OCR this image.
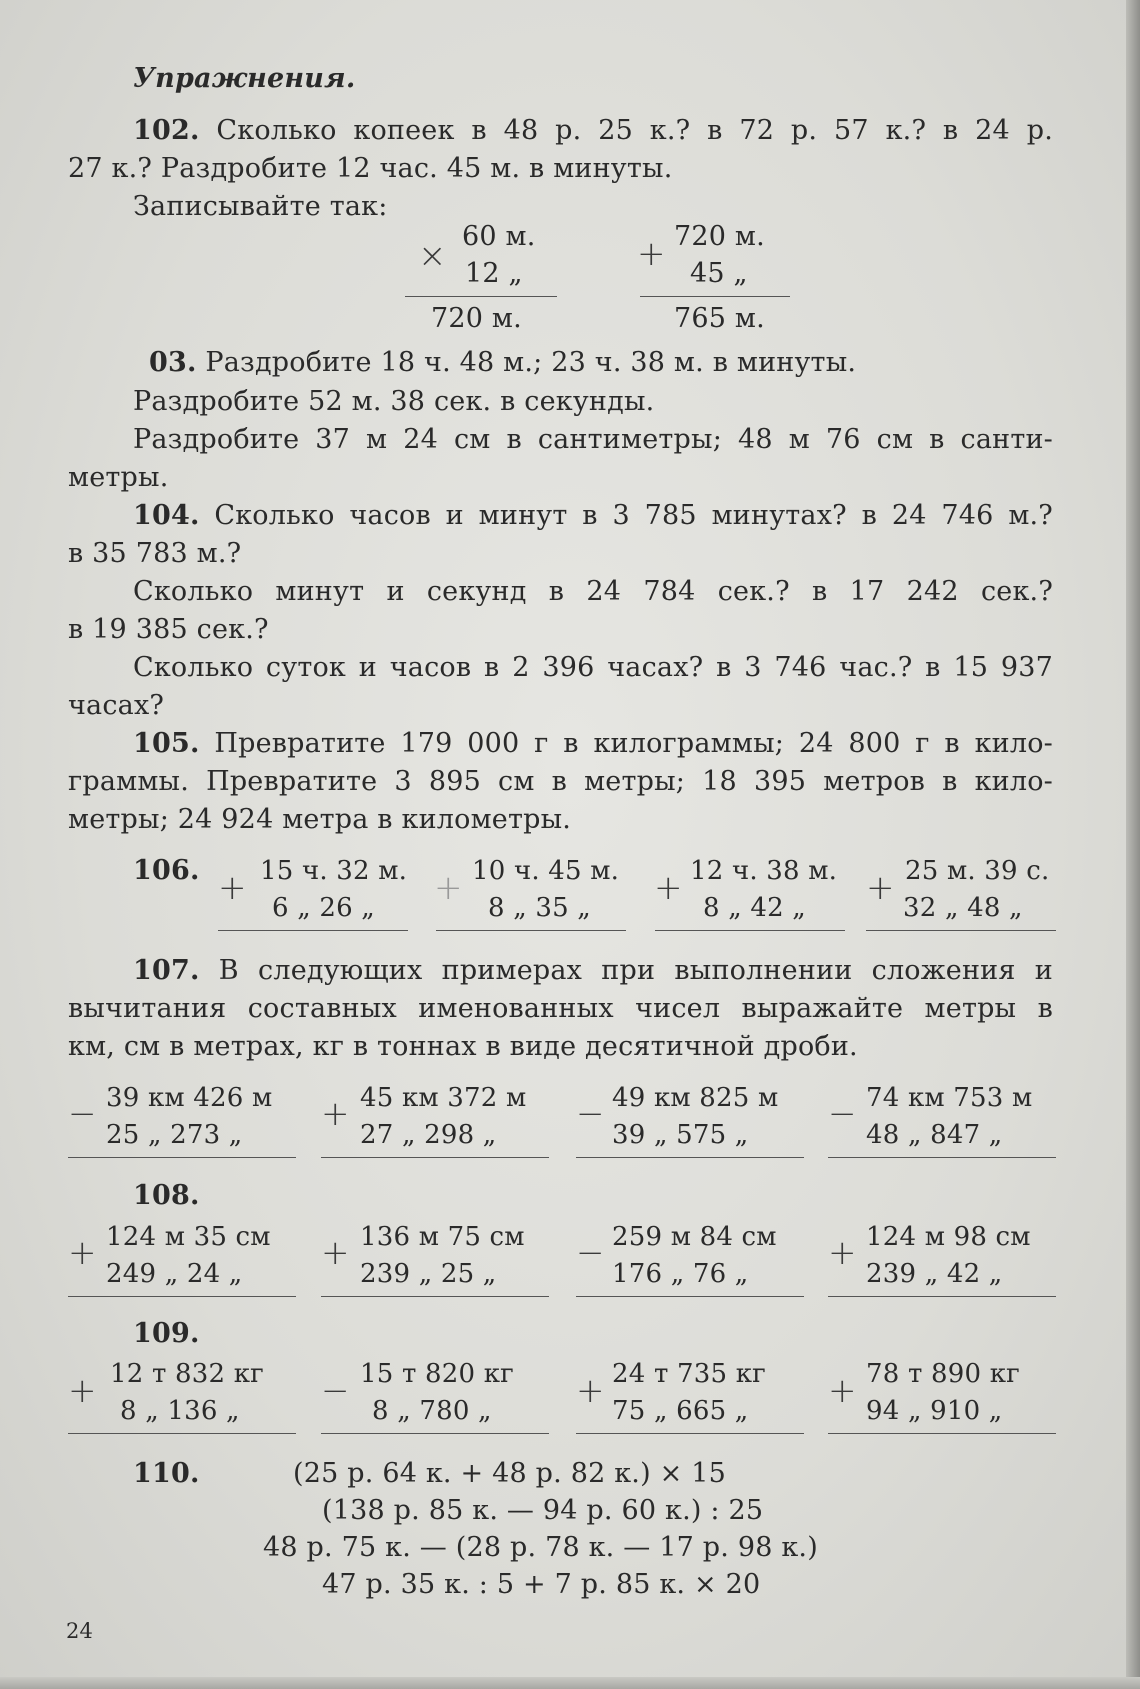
Упражнения.
102. Сколько копеек в 48 р. 25 к.? в 72 р. 57 к.? в 24 р.
27 к.? Раздробите 12 час. 45 м. в минуты.
Записывайте так:
× 60 м.
12 „
720 м.
+ 720 м.
45 „
765 м.
03. Раздробите 18 ч. 48 м.; 23 ч. 38 м. в минуты.
Раздробите 52 м. 38 сек. в секунды.
Раздробите 37 м 24 см в сантиметры; 48 м 76 см в санти-
метры.
104. Сколько часов и минут в 3 785 минутах? в 24 746 м.?
в 35 783 м.?
Сколько минут и секунд в 24 784 сек.? в 17 242 сек.?
в 19 385 сек.?
Сколько суток и часов в 2 396 часах? в 3 746 час.? в 15 937
часах?
105. Превратите 179 000 г в килограммы; 24 800 г в кило-
граммы. Превратите 3 895 см в метры; 18 395 метров в кило-
метры; 24 924 метра в километры.
106. + 15 ч. 32 м.
6 „ 26 „ + 10 ч. 45 м.
8 „ 35 „ + 12 ч. 38 м.
8 „ 42 „ + 25 м. 39 с.
32 „ 48 „
107. В следующих примерах при выполнении сложения и
вычитания составных именованных чисел выражайте метры в
км, см в метрах, кг в тоннах в виде десятичной дроби.
− 39 км 426 м
25 „ 273 „
+ 45 км 372 м
27 „ 298 „
− 49 км 825 м
39 „ 575 „
− 74 км 753 м
48 „ 847 „
108.
+ 124 м 35 см
249 „ 24 „
+ 136 м 75 см
239 „ 25 „
− 259 м 84 см
176 „ 76 „
+ 124 м 98 см
239 „ 42 „
109.
+ 12 т 832 кг
8 „ 136 „ − 15 т 820 кг
8 „ 780 „ + 24 т 735 кг
75 „ 665 „ + 78 т 890 кг
94 „ 910 „
110.	(25 р. 64 к. + 48 р. 82 к.) × 15
(138 р. 85 к. — 94 р. 60 к.) : 25
48 р. 75 к. — (28 р. 78 к. — 17 р. 98 к.)
47 р. 35 к. : 5 + 7 р. 85 к. × 20
24
